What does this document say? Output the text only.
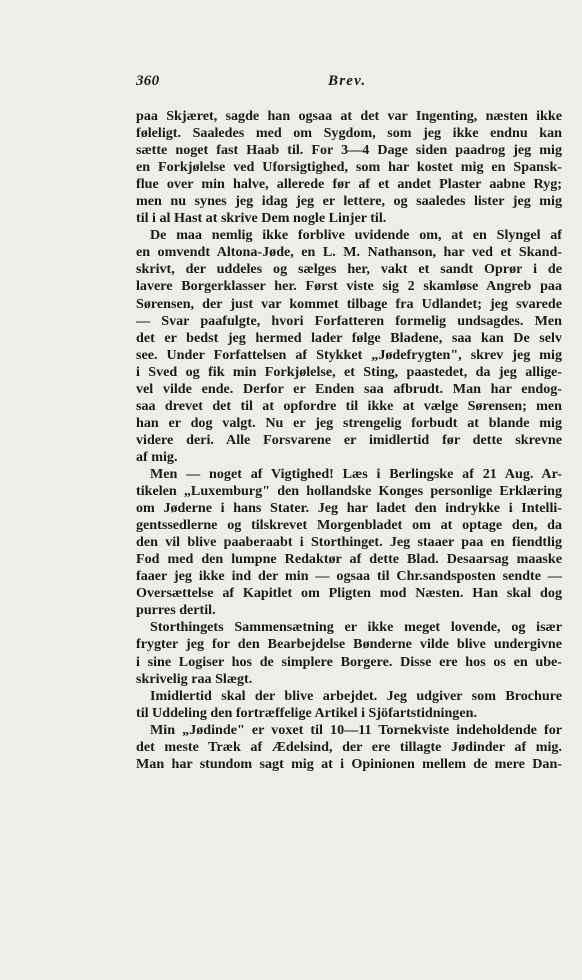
360	Brev.
paa Skjæret, sagde han ogsaa at det var Ingenting, næsten ikke
føleligt. Saaledes med om Sygdom, som jeg ikke endnu kan
sætte noget fast Haab til. For 3—4 Dage siden paadrog jeg mig
en Forkjølelse ved Uforsigtighed, som har kostet mig en Spansk-
flue over min halve, allerede før af et andet Plaster aabne Ryg;
men nu synes jeg idag jeg er lettere, og saaledes lister jeg mig
til i al Hast at skrive Dem nogle Linjer til.
De maa nemlig ikke forblive uvidende om, at en Slyngel af
en omvendt Altona-Jøde, en L. M. Nathanson, har ved et Skand-
skrivt, der uddeles og sælges her, vakt et sandt Oprør i de
lavere Borgerklasser her. Først viste sig 2 skamløse Angreb paa
Sørensen, der just var kommet tilbage fra Udlandet; jeg svarede
— Svar paafulgte, hvori Forfatteren formelig undsagdes. Men
det er bedst jeg hermed lader følge Bladene, saa kan De selv
see. Under Forfattelsen af Stykket „Jødefrygten", skrev jeg mig
i Sved og fik min Forkjølelse, et Sting, paastedet, da jeg allige-
vel vilde ende. Derfor er Enden saa afbrudt. Man har endog-
saa drevet det til at opfordre til ikke at vælge Sørensen; men
han er dog valgt. Nu er jeg strengelig forbudt at blande mig
videre deri. Alle Forsvarene er imidlertid før dette skrevne
af mig.
Men — noget af Vigtighed! Læs i Berlingske af 21 Aug. Ar-
tikelen „Luxemburg" den hollandske Konges personlige Erklæring
om Jøderne i hans Stater. Jeg har ladet den indrykke i Intelli-
gentssedlerne og tilskrevet Morgenbladet om at optage den, da
den vil blive paaberaabt i Storthinget. Jeg staaer paa en fiendtlig
Fod med den lumpne Redaktør af dette Blad. Desaarsag maaske
faaer jeg ikke ind der min — ogsaa til Chr.sandsposten sendte —
Oversættelse af Kapitlet om Pligten mod Næsten. Han skal dog
purres dertil.
Storthingets Sammensætning er ikke meget lovende, og især
frygter jeg for den Bearbejdelse Bønderne vilde blive undergivne
i sine Logiser hos de simplere Borgere. Disse ere hos os en ube-
skrivelig raa Slægt.
Imidlertid skal der blive arbejdet. Jeg udgiver som Brochure
til Uddeling den fortræffelige Artikel i Sjöfartstidningen.
Min „Jødinde" er voxet til 10—11 Tornekviste indeholdende for
det meste Træk af Ædelsind, der ere tillagte Jødinder af mig.
Man har stundom sagt mig at i Opinionen mellem de mere Dan-
